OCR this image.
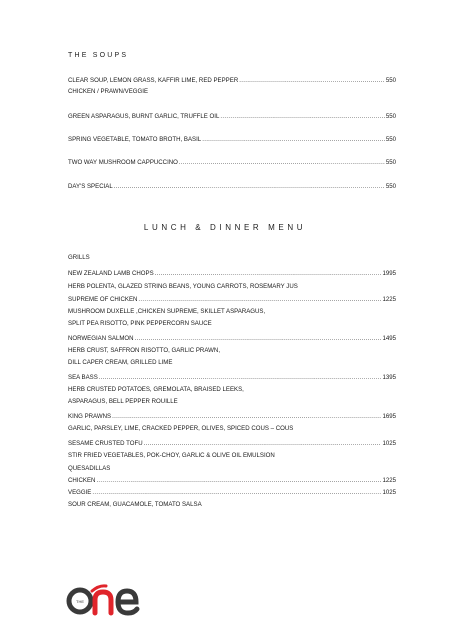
THE SOUPS
CLEAR SOUP, LEMON GRASS, KAFFIR LIME, RED PEPPER .....	550
CHICKEN / PRAWN/VEGGIE
GREEN ASPARAGUS, BURNT GARLIC, TRUFFLE OIL .....	550
SPRING VEGETABLE, TOMATO BROTH, BASIL .....	550
TWO WAY MUSHROOM CAPPUCCINO .....	550
DAY'S SPECIAL .....	550
LUNCH & DINNER MENU
GRILLS
NEW ZEALAND LAMB CHOPS .....	1995
HERB POLENTA, GLAZED STRING BEANS, YOUNG CARROTS, ROSEMARY JUS
SUPREME OF CHICKEN .....	1225
MUSHROOM DUXELLE ,CHICKEN SUPREME, SKILLET ASPARAGUS,
SPLIT PEA RISOTTO, PINK PEPPERCORN SAUCE
NORWEGIAN SALMON .....	1495
HERB CRUST, SAFFRON RISOTTO, GARLIC PRAWN,
DILL CAPER CREAM, GRILLED LIME
SEA BASS .....	1395
HERB CRUSTED POTATOES, GREMOLATA, BRAISED LEEKS,
ASPARAGUS, BELL PEPPER ROUILLE
KING PRAWNS .....	1695
GARLIC, PARSLEY, LIME, CRACKED PEPPER, OLIVES, SPICED COUS – COUS
SESAME CRUSTED TOFU .....	1025
STIR FRIED VEGETABLES, POK-CHOY, GARLIC & OLIVE OIL EMULSION
QUESADILLAS
CHICKEN .....	1225
VEGGIE .....	1025
SOUR CREAM, GUACAMOLE, TOMATO SALSA
THE
